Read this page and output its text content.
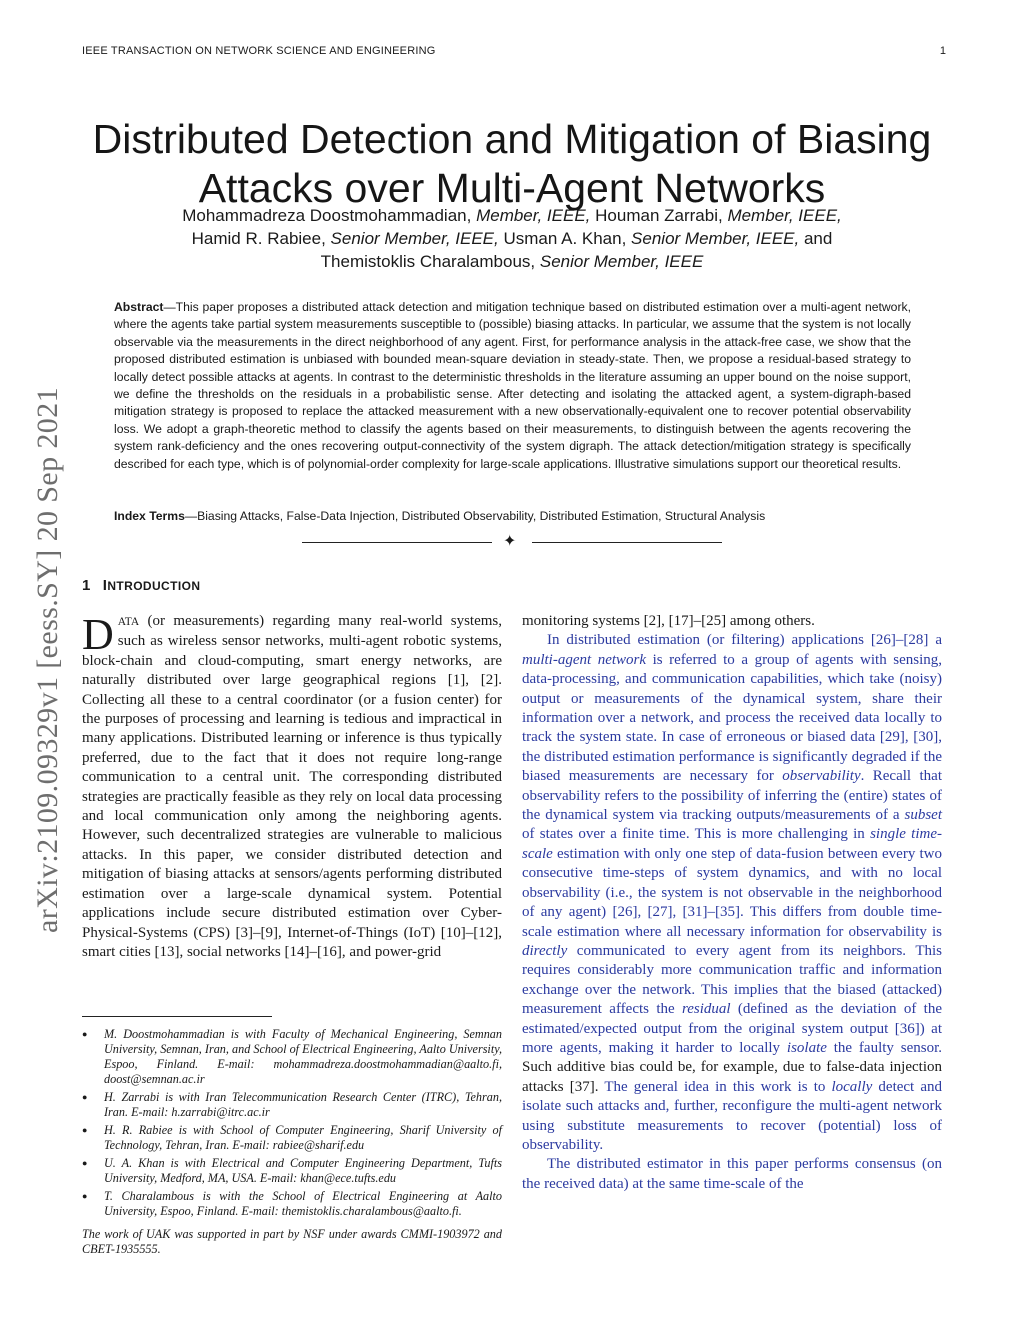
IEEE TRANSACTION ON NETWORK SCIENCE AND ENGINEERING	1
arXiv:2109.09329v1 [eess.SY] 20 Sep 2021
Distributed Detection and Mitigation of Biasing Attacks over Multi-Agent Networks
Mohammadreza Doostmohammadian, Member, IEEE, Houman Zarrabi, Member, IEEE,
Hamid R. Rabiee, Senior Member, IEEE, Usman A. Khan, Senior Member, IEEE, and
Themistoklis Charalambous, Senior Member, IEEE
Abstract—This paper proposes a distributed attack detection and mitigation technique based on distributed estimation over a multi-agent network, where the agents take partial system measurements susceptible to (possible) biasing attacks. In particular, we assume that the system is not locally observable via the measurements in the direct neighborhood of any agent. First, for performance analysis in the attack-free case, we show that the proposed distributed estimation is unbiased with bounded mean-square deviation in steady-state. Then, we propose a residual-based strategy to locally detect possible attacks at agents. In contrast to the deterministic thresholds in the literature assuming an upper bound on the noise support, we define the thresholds on the residuals in a probabilistic sense. After detecting and isolating the attacked agent, a system-digraph-based mitigation strategy is proposed to replace the attacked measurement with a new observationally-equivalent one to recover potential observability loss. We adopt a graph-theoretic method to classify the agents based on their measurements, to distinguish between the agents recovering the system rank-deficiency and the ones recovering output-connectivity of the system digraph. The attack detection/mitigation strategy is specifically described for each type, which is of polynomial-order complexity for large-scale applications. Illustrative simulations support our theoretical results.
Index Terms—Biasing Attacks, False-Data Injection, Distributed Observability, Distributed Estimation, Structural Analysis
✦
1 INTRODUCTION

DATA (or measurements) regarding many real-world systems, such as wireless sensor networks, multi-agent robotic systems, block-chain and cloud-computing, smart energy networks, are naturally distributed over large geographical regions [1], [2]. Collecting all these to a central coordinator (or a fusion center) for the purposes of processing and learning is tedious and impractical in many applications. Distributed learning or inference is thus typically preferred, due to the fact that it does not require long-range communication to a central unit. The corresponding distributed strategies are practically feasible as they rely on local data processing and local communication only among the neighboring agents. However, such decentralized strategies are vulnerable to malicious attacks. In this paper, we consider distributed detection and mitigation of biasing attacks at sensors/agents performing distributed estimation over a large-scale dynamical system. Potential applications include secure distributed estimation over Cyber-Physical-Systems (CPS) [3]–[9], Internet-of-Things (IoT) [10]–[12], smart cities [13], social networks [14]–[16], and power-grid

monitoring systems [2], [17]–[25] among others.

In distributed estimation (or filtering) applications [26]–[28] a multi-agent network is referred to a group of agents with sensing, data-processing, and communication capabilities, which take (noisy) output or measurements of the dynamical system, share their information over a network, and process the received data locally to track the system state. In case of erroneous or biased data [29], [30], the distributed estimation performance is significantly degraded if the biased measurements are necessary for observability. Recall that observability refers to the possibility of inferring the (entire) states of the dynamical system via tracking outputs/measurements of a subset of states over a finite time. This is more challenging in single time-scale estimation with only one step of data-fusion between every two consecutive time-steps of system dynamics, and with no local observability (i.e., the system is not observable in the neighborhood of any agent) [26], [27], [31]–[35]. This differs from double time-scale estimation where all necessary information for observability is directly communicated to every agent from its neighbors. This requires considerably more communication traffic and information exchange over the network. This implies that the biased (attacked) measurement affects the residual (defined as the deviation of the estimated/expected output from the original system output [36]) at more agents, making it harder to locally isolate the faulty sensor. Such additive bias could be, for example, due to false-data injection attacks [37]. The general idea in this work is to locally detect and isolate such attacks and, further, reconfigure the multi-agent network using substitute measurements to recover (potential) loss of observability.

The distributed estimator in this paper performs consensus (on the received data) at the same time-scale of the

● M. Doostmohammadian is with Faculty of Mechanical Engineering, Semnan University, Semnan, Iran, and School of Electrical Engineering, Aalto University, Espoo, Finland. E-mail: mohammadreza.doostmohammadian@aalto.fi, doost@semnan.ac.ir
● H. Zarrabi is with Iran Telecommunication Research Center (ITRC), Tehran, Iran. E-mail: h.zarrabi@itrc.ac.ir
● H. R. Rabiee is with School of Computer Engineering, Sharif University of Technology, Tehran, Iran. E-mail: rabiee@sharif.edu
● U. A. Khan is with Electrical and Computer Engineering Department, Tufts University, Medford, MA, USA. E-mail: khan@ece.tufts.edu
● T. Charalambous is with the School of Electrical Engineering at Aalto University, Espoo, Finland. E-mail: themistoklis.charalambous@aalto.fi.
The work of UAK was supported in part by NSF under awards CMMI-1903972 and CBET-1935555.
